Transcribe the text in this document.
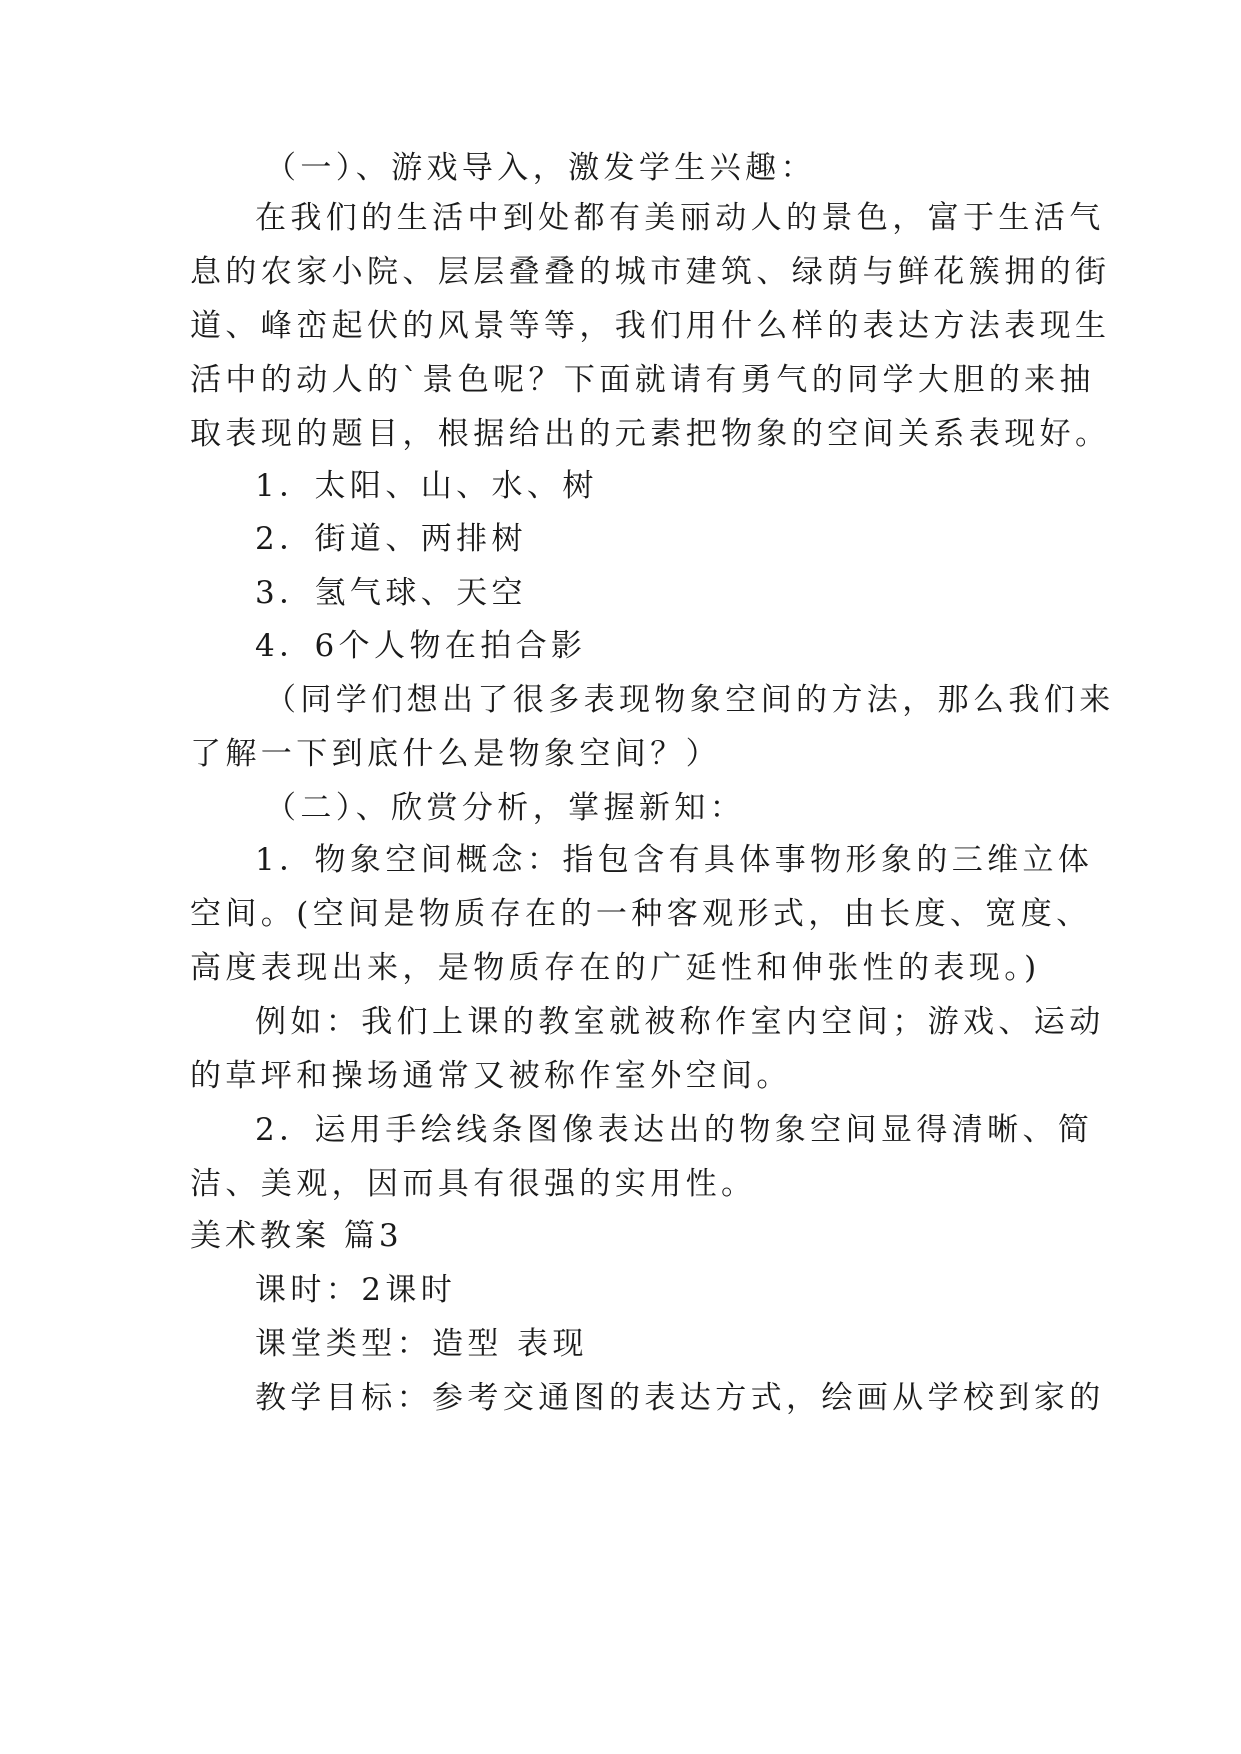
（一）、游戏导入，激发学生兴趣：

在我们的生活中到处都有美丽动人的景色，富于生活气

息的农家小院、层层叠叠的城市建筑、绿荫与鲜花簇拥的街

道、峰峦起伏的风景等等，我们用什么样的表达方法表现生

活中的动人的`景色呢？下面就请有勇气的同学大胆的来抽

取表现的题目，根据给出的元素把物象的空间关系表现好。

1．太阳、山、水、树

2．街道、两排树

3．氢气球、天空

4．6个人物在拍合影

（同学们想出了很多表现物象空间的方法，那么我们来

了解一下到底什么是物象空间？）

（二）、欣赏分析，掌握新知：

1．物象空间概念：指包含有具体事物形象的三维立体

空间。(空间是物质存在的一种客观形式，由长度、宽度、

高度表现出来，是物质存在的广延性和伸张性的表现。)

例如：我们上课的教室就被称作室内空间；游戏、运动

的草坪和操场通常又被称作室外空间。

2．运用手绘线条图像表达出的物象空间显得清晰、简

洁、美观，因而具有很强的实用性。

美术教案 篇3

课时：2课时

课堂类型：造型 表现

教学目标：参考交通图的表达方式，绘画从学校到家的
